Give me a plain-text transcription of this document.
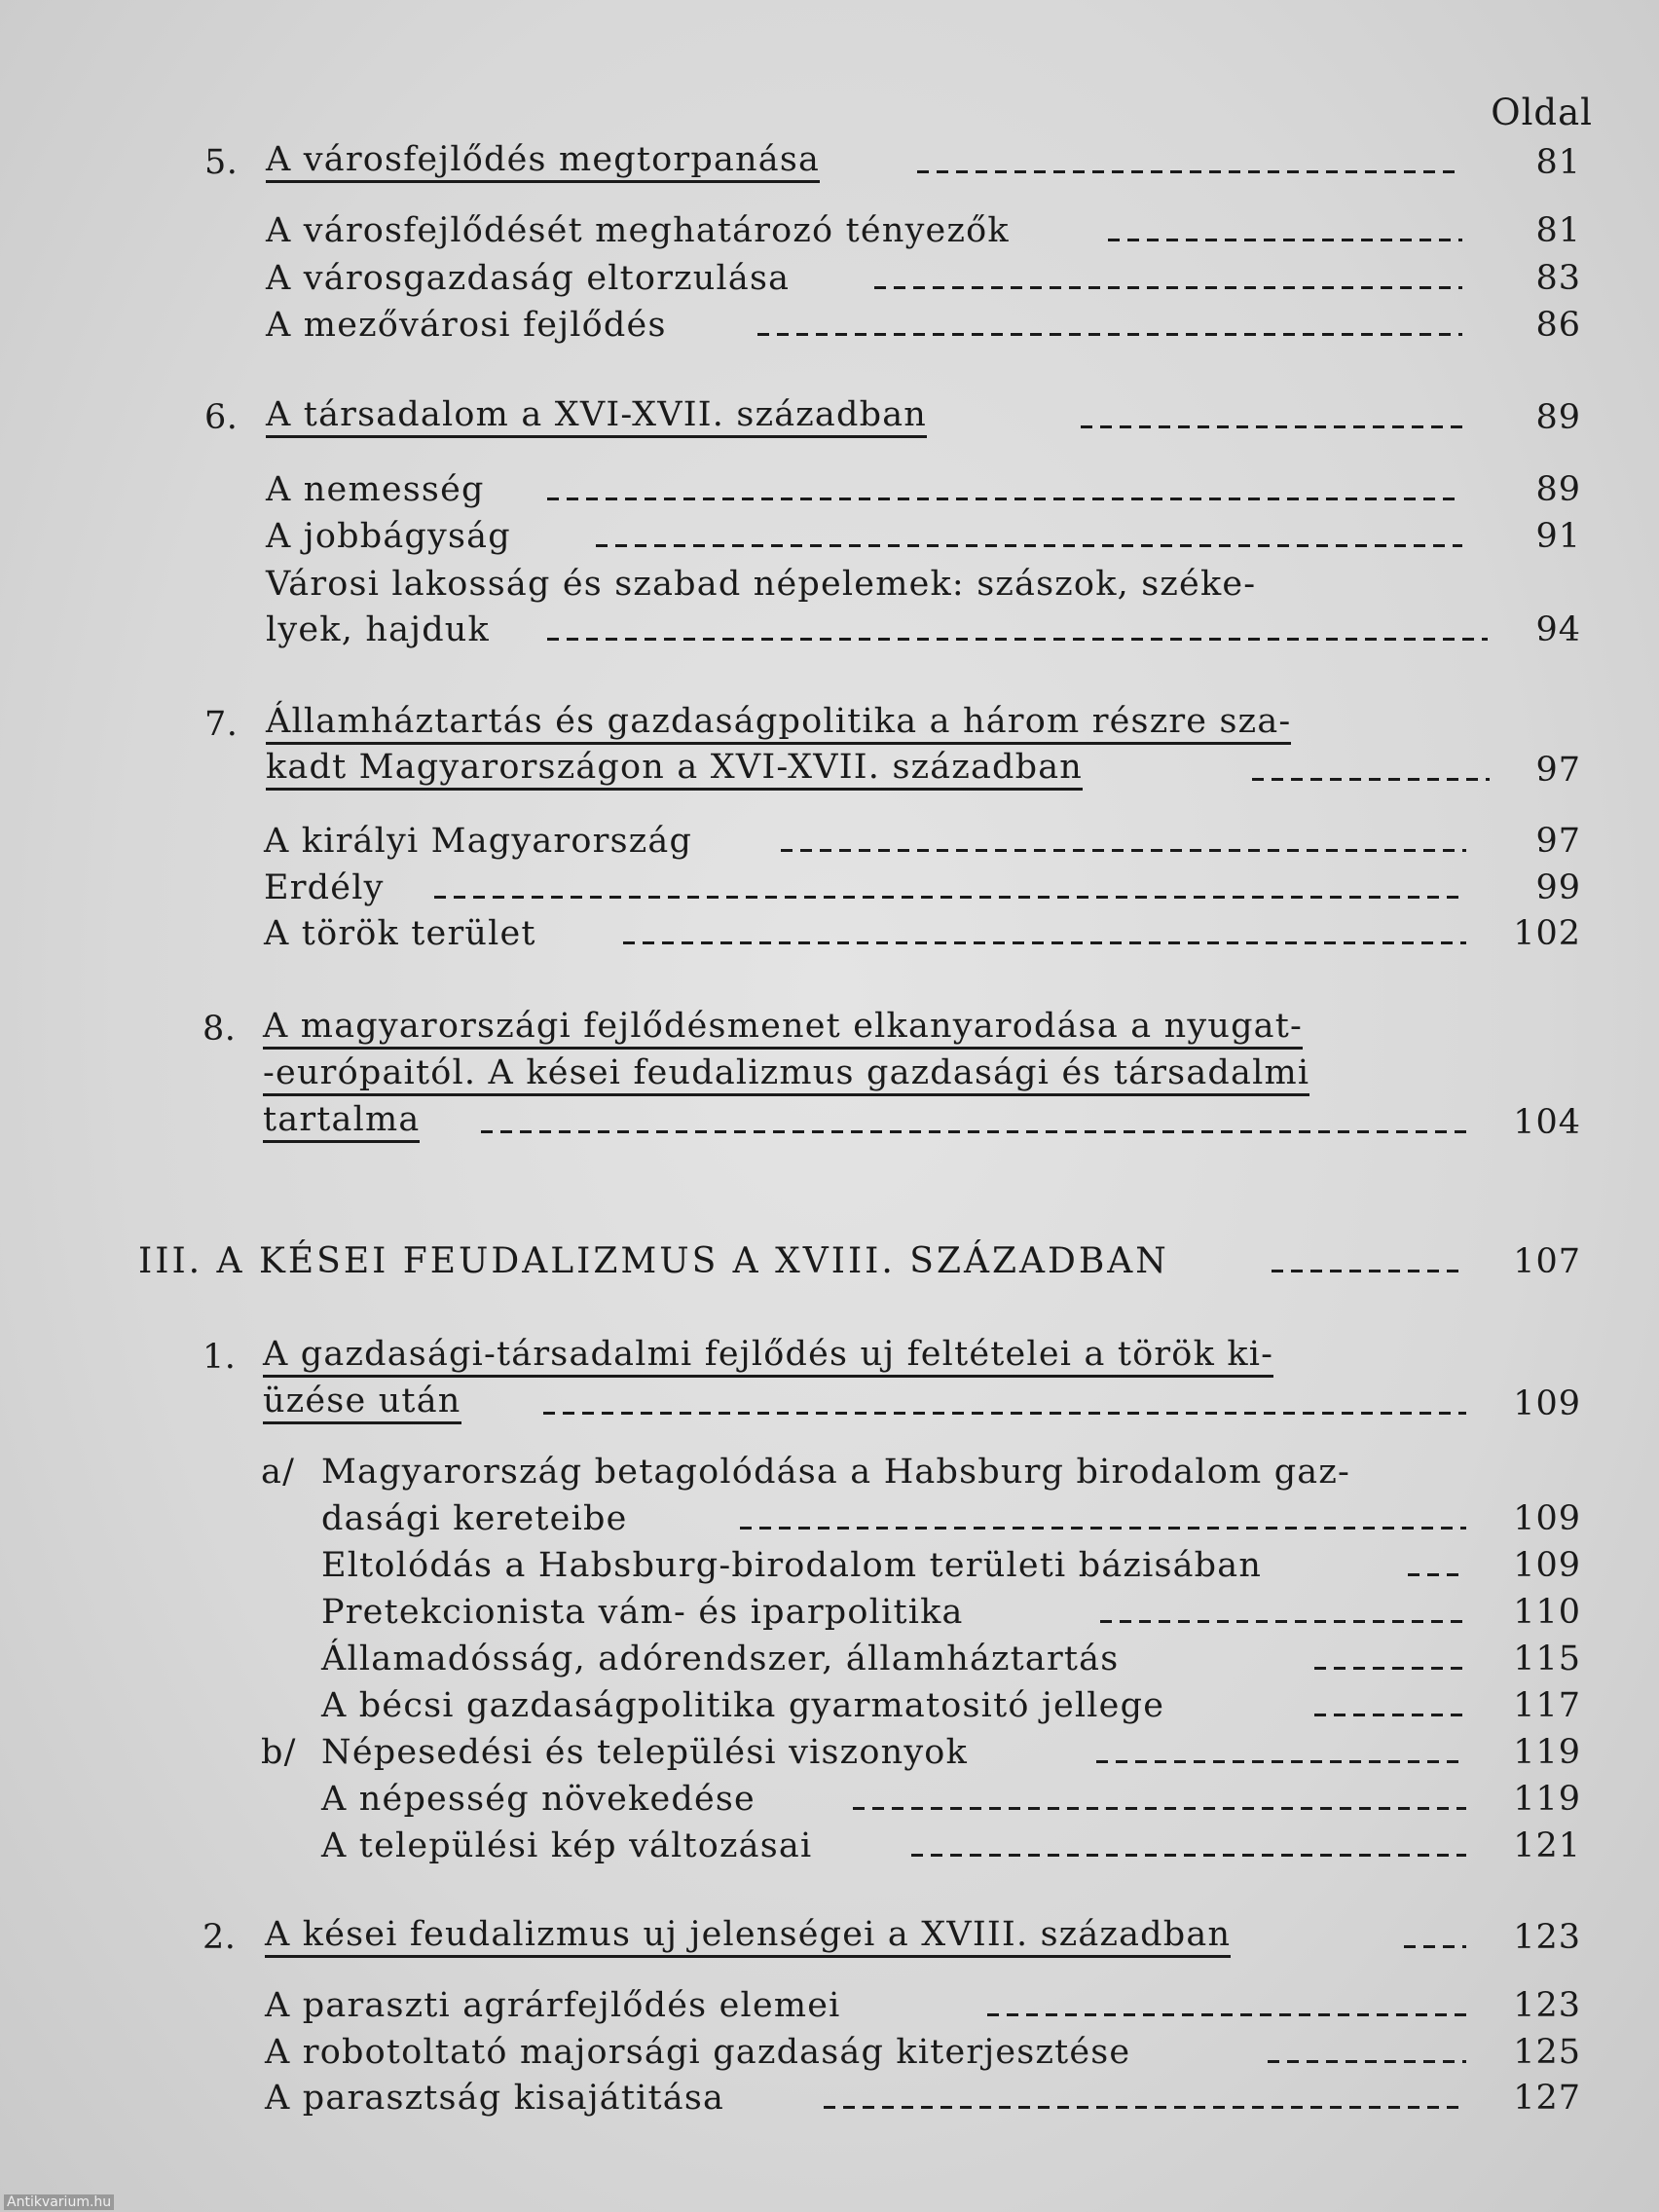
Oldal
5. A városfejlődés megtorpanása	81
A városfejlődését meghatározó tényezők	81
A városgazdaság eltorzulása	83
A mezővárosi fejlődés	86
6. A társadalom a XVI-XVII. században	89
A nemesség	89
A jobbágyság	91
Városi lakosság és szabad népelemek: szászok, széke-
lyek, hajduk	94
7. Államháztartás és gazdaságpolitika a három részre sza-
kadt Magyarországon a XVI-XVII. században	97
A királyi Magyarország	97
Erdély	99
A török terület	102
8. A magyarországi fejlődésmenet elkanyarodása a nyugat-
-európaitól. A kései feudalizmus gazdasági és társadalmi
tartalma	104
III. A KÉSEI FEUDALIZMUS A XVIII. SZÁZADBAN	107
1. A gazdasági-társadalmi fejlődés uj feltételei a török ki-
üzése után	109
a/ Magyarország betagolódása a Habsburg birodalom gaz-
dasági kereteibe	109
Eltolódás a Habsburg-birodalom területi bázisában	109
Pretekcionista vám- és iparpolitika	110
Államadósság, adórendszer, államháztartás	115
A bécsi gazdaságpolitika gyarmatositó jellege	117
b/ Népesedési és települési viszonyok	119
A népesség növekedése	119
A települési kép változásai	121
2. A kései feudalizmus uj jelenségei a XVIII. században	123
A paraszti agrárfejlődés elemei	123
A robotoltató majorsági gazdaság kiterjesztése	125
A parasztság kisajátitása	127
Antikvarium.hu
